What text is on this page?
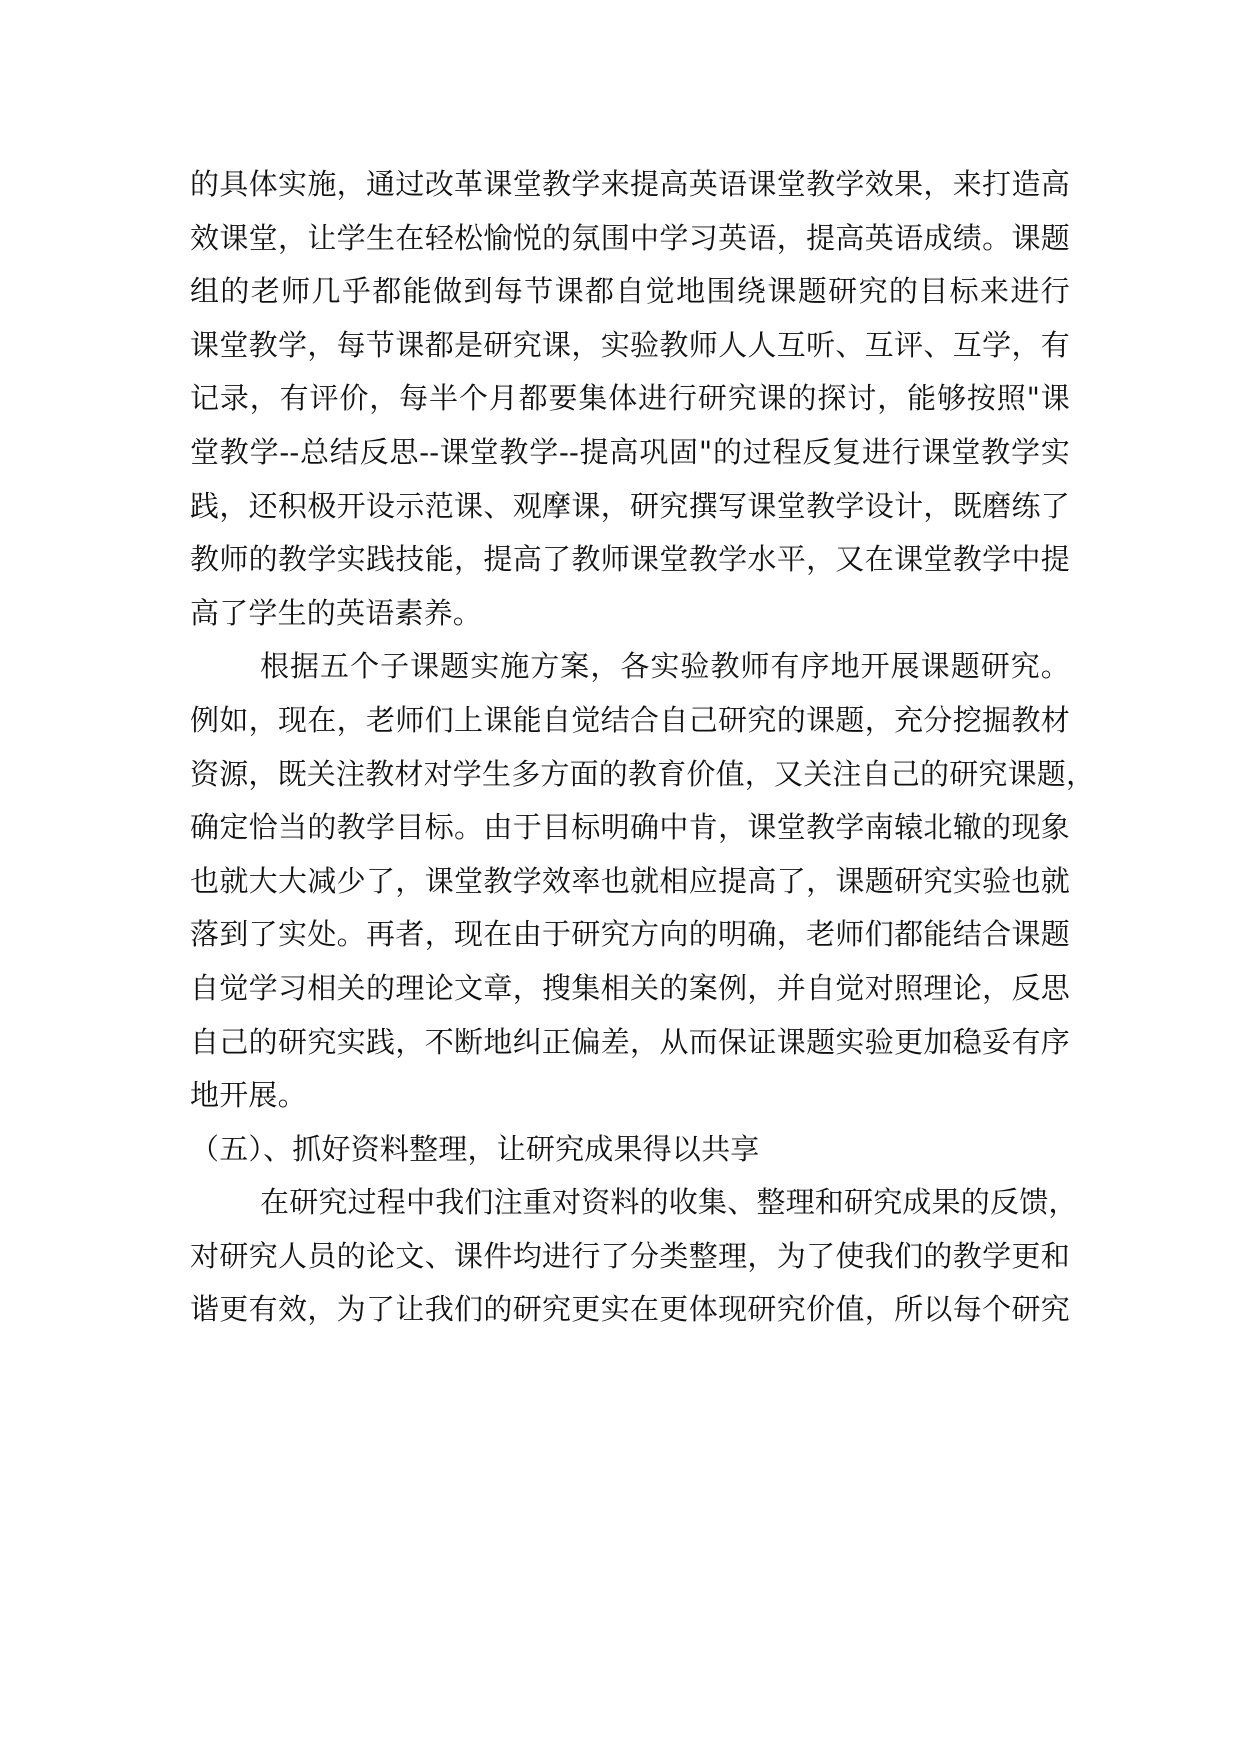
的具体实施，通过改革课堂教学来提高英语课堂教学效果，来打造高
效课堂，让学生在轻松愉悦的氛围中学习英语，提高英语成绩。课题
组的老师几乎都能做到每节课都自觉地围绕课题研究的目标来进行
课堂教学，每节课都是研究课，实验教师人人互听、互评、互学，有
记录，有评价，每半个月都要集体进行研究课的探讨，能够按照"课
堂教学--总结反思--课堂教学--提高巩固"的过程反复进行课堂教学实
践，还积极开设示范课、观摩课，研究撰写课堂教学设计，既磨练了
教师的教学实践技能，提高了教师课堂教学水平，又在课堂教学中提
高了学生的英语素养。
根据五个子课题实施方案，各实验教师有序地开展课题研究。
例如，现在，老师们上课能自觉结合自己研究的课题，充分挖掘教材
资源，既关注教材对学生多方面的教育价值，又关注自己的研究课题，
确定恰当的教学目标。由于目标明确中肯，课堂教学南辕北辙的现象
也就大大减少了，课堂教学效率也就相应提高了，课题研究实验也就
落到了实处。再者，现在由于研究方向的明确，老师们都能结合课题
自觉学习相关的理论文章，搜集相关的案例，并自觉对照理论，反思
自己的研究实践，不断地纠正偏差，从而保证课题实验更加稳妥有序
地开展。
（五）、抓好资料整理，让研究成果得以共享
在研究过程中我们注重对资料的收集、整理和研究成果的反馈，
对研究人员的论文、课件均进行了分类整理，为了使我们的教学更和
谐更有效，为了让我们的研究更实在更体现研究价值，所以每个研究
